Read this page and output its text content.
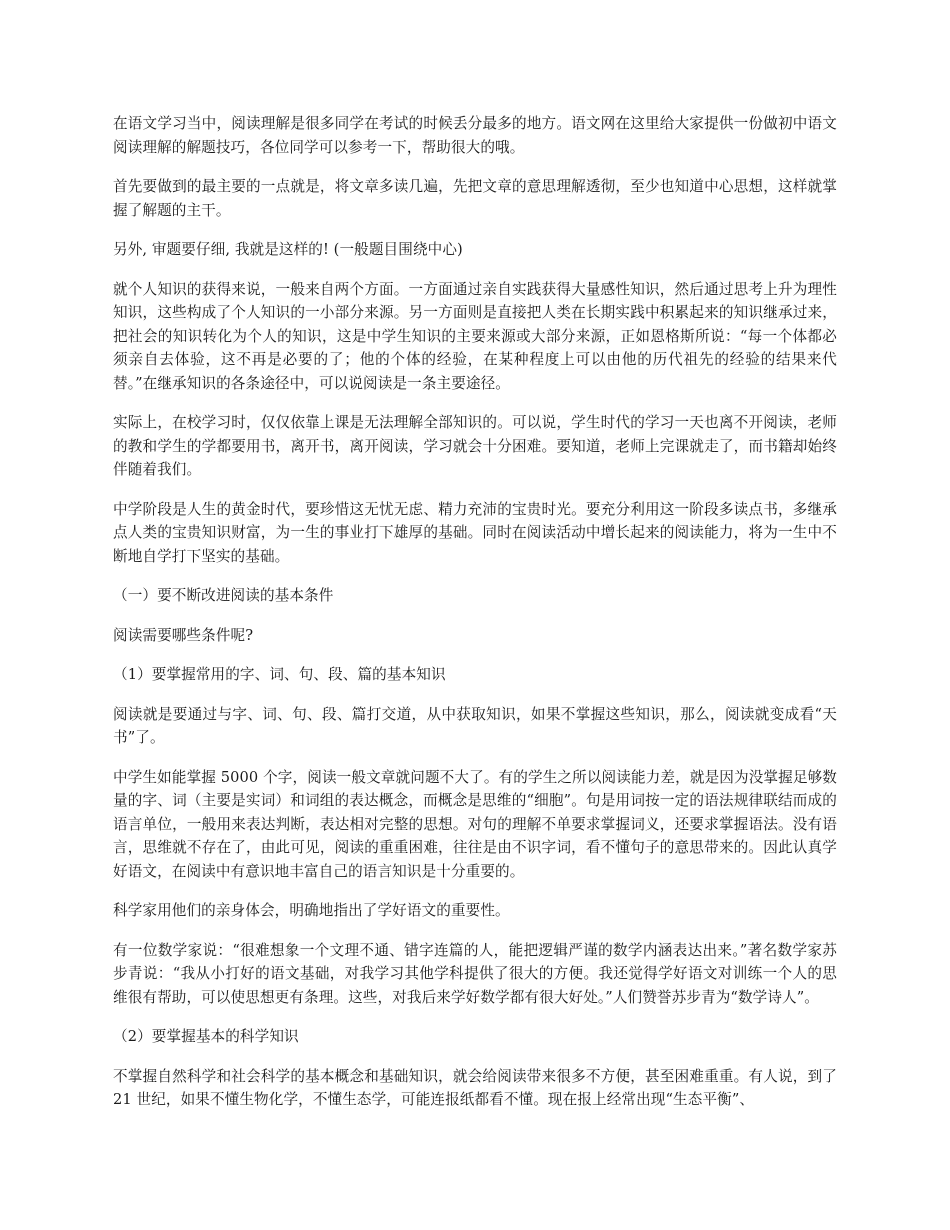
在语文学习当中，阅读理解是很多同学在考试的时候丢分最多的地方。语文网在这里给大家提供一份做初中语文阅读理解的解题技巧，各位同学可以参考一下，帮助很大的哦。

首先要做到的最主要的一点就是，将文章多读几遍，先把文章的意思理解透彻，至少也知道中心思想，这样就掌握了解题的主干。

另外, 审题要仔细, 我就是这样的! (一般题目围绕中心)

就个人知识的获得来说，一般来自两个方面。一方面通过亲自实践获得大量感性知识，然后通过思考上升为理性知识，这些构成了个人知识的一小部分来源。另一方面则是直接把人类在长期实践中积累起来的知识继承过来，把社会的知识转化为个人的知识，这是中学生知识的主要来源或大部分来源，正如恩格斯所说：“每一个体都必须亲自去体验，这不再是必要的了；他的个体的经验，在某种程度上可以由他的历代祖先的经验的结果来代替。”在继承知识的各条途径中，可以说阅读是一条主要途径。

实际上，在校学习时，仅仅依靠上课是无法理解全部知识的。可以说，学生时代的学习一天也离不开阅读，老师的教和学生的学都要用书，离开书，离开阅读，学习就会十分困难。要知道，老师上完课就走了，而书籍却始终伴随着我们。

中学阶段是人生的黄金时代，要珍惜这无忧无虑、精力充沛的宝贵时光。要充分利用这一阶段多读点书，多继承点人类的宝贵知识财富，为一生的事业打下雄厚的基础。同时在阅读活动中增长起来的阅读能力，将为一生中不断地自学打下坚实的基础。

（一）要不断改进阅读的基本条件

阅读需要哪些条件呢?

（1）要掌握常用的字、词、句、段、篇的基本知识

阅读就是要通过与字、词、句、段、篇打交道，从中获取知识，如果不掌握这些知识，那么，阅读就变成看“天书”了。

中学生如能掌握 5000 个字，阅读一般文章就问题不大了。有的学生之所以阅读能力差，就是因为没掌握足够数量的字、词（主要是实词）和词组的表达概念，而概念是思维的“细胞”。句是用词按一定的语法规律联结而成的语言单位，一般用来表达判断，表达相对完整的思想。对句的理解不单要求掌握词义，还要求掌握语法。没有语言，思维就不存在了，由此可见，阅读的重重困难，往往是由不识字词，看不懂句子的意思带来的。因此认真学好语文，在阅读中有意识地丰富自己的语言知识是十分重要的。

科学家用他们的亲身体会，明确地指出了学好语文的重要性。

有一位数学家说：“很难想象一个文理不通、错字连篇的人，能把逻辑严谨的数学内涵表达出来。”著名数学家苏步青说：“我从小打好的语文基础，对我学习其他学科提供了很大的方便。我还觉得学好语文对训练一个人的思维很有帮助，可以使思想更有条理。这些，对我后来学好数学都有很大好处。”人们赞誉苏步青为“数学诗人”。

（2）要掌握基本的科学知识

不掌握自然科学和社会科学的基本概念和基础知识，就会给阅读带来很多不方便，甚至困难重重。有人说，到了 21 世纪，如果不懂生物化学，不懂生态学，可能连报纸都看不懂。现在报上经常出现“生态平衡”、
